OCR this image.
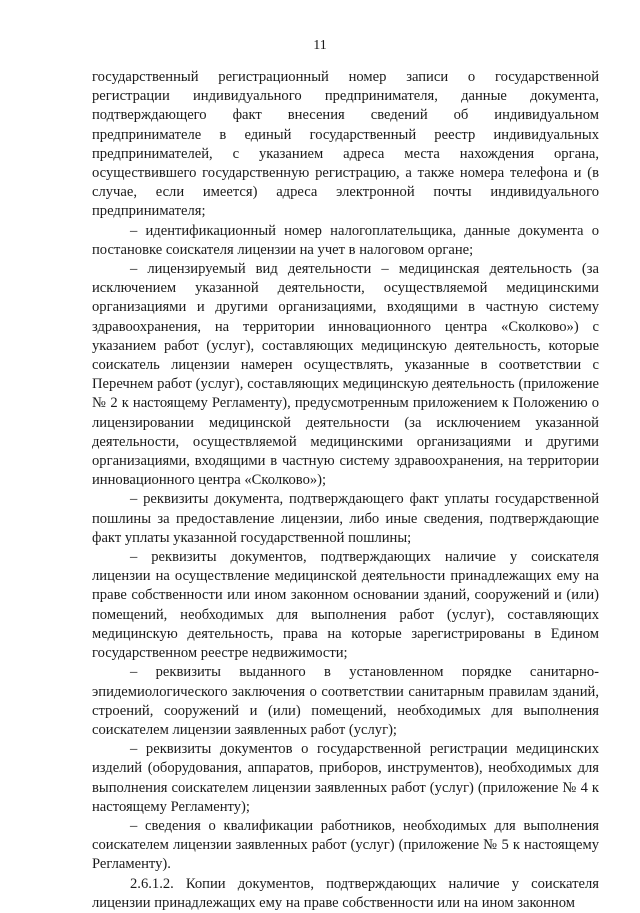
11

государственный регистрационный номер записи о государственной регистрации индивидуального предпринимателя, данные документа, подтверждающего факт внесения сведений об индивидуальном предпринимателе в единый государственный реестр индивидуальных предпринимателей, с указанием адреса места нахождения органа, осуществившего государственную регистрацию, а также номера телефона и (в случае, если имеется) адреса электронной почты индивидуального предпринимателя;

– идентификационный номер налогоплательщика, данные документа о постановке соискателя лицензии на учет в налоговом органе;

– лицензируемый вид деятельности – медицинская деятельность (за исключением указанной деятельности, осуществляемой медицинскими организациями и другими организациями, входящими в частную систему здравоохранения, на территории инновационного центра «Сколково») с указанием работ (услуг), составляющих медицинскую деятельность, которые соискатель лицензии намерен осуществлять, указанные в соответствии с Перечнем работ (услуг), составляющих медицинскую деятельность (приложение № 2 к настоящему Регламенту), предусмотренным приложением к Положению о лицензировании медицинской деятельности (за исключением указанной деятельности, осуществляемой медицинскими организациями и другими организациями, входящими в частную систему здравоохранения, на территории инновационного центра «Сколково»);

– реквизиты документа, подтверждающего факт уплаты государственной пошлины за предоставление лицензии, либо иные сведения, подтверждающие факт уплаты указанной государственной пошлины;

– реквизиты документов, подтверждающих наличие у соискателя лицензии на осуществление медицинской деятельности принадлежащих ему на праве собственности или ином законном основании зданий, сооружений и (или) помещений, необходимых для выполнения работ (услуг), составляющих медицинскую деятельность, права на которые зарегистрированы в Едином государственном реестре недвижимости;

– реквизиты выданного в установленном порядке санитарно-эпидемиологического заключения о соответствии санитарным правилам зданий, строений, сооружений и (или) помещений, необходимых для выполнения соискателем лицензии заявленных работ (услуг);

– реквизиты документов о государственной регистрации медицинских изделий (оборудования, аппаратов, приборов, инструментов), необходимых для выполнения соискателем лицензии заявленных работ (услуг) (приложение № 4 к настоящему Регламенту);

– сведения о квалификации работников, необходимых для выполнения соискателем лицензии заявленных работ (услуг) (приложение № 5 к настоящему Регламенту).

2.6.1.2. Копии документов, подтверждающих наличие у соискателя лицензии принадлежащих ему на праве собственности или на ином законном
